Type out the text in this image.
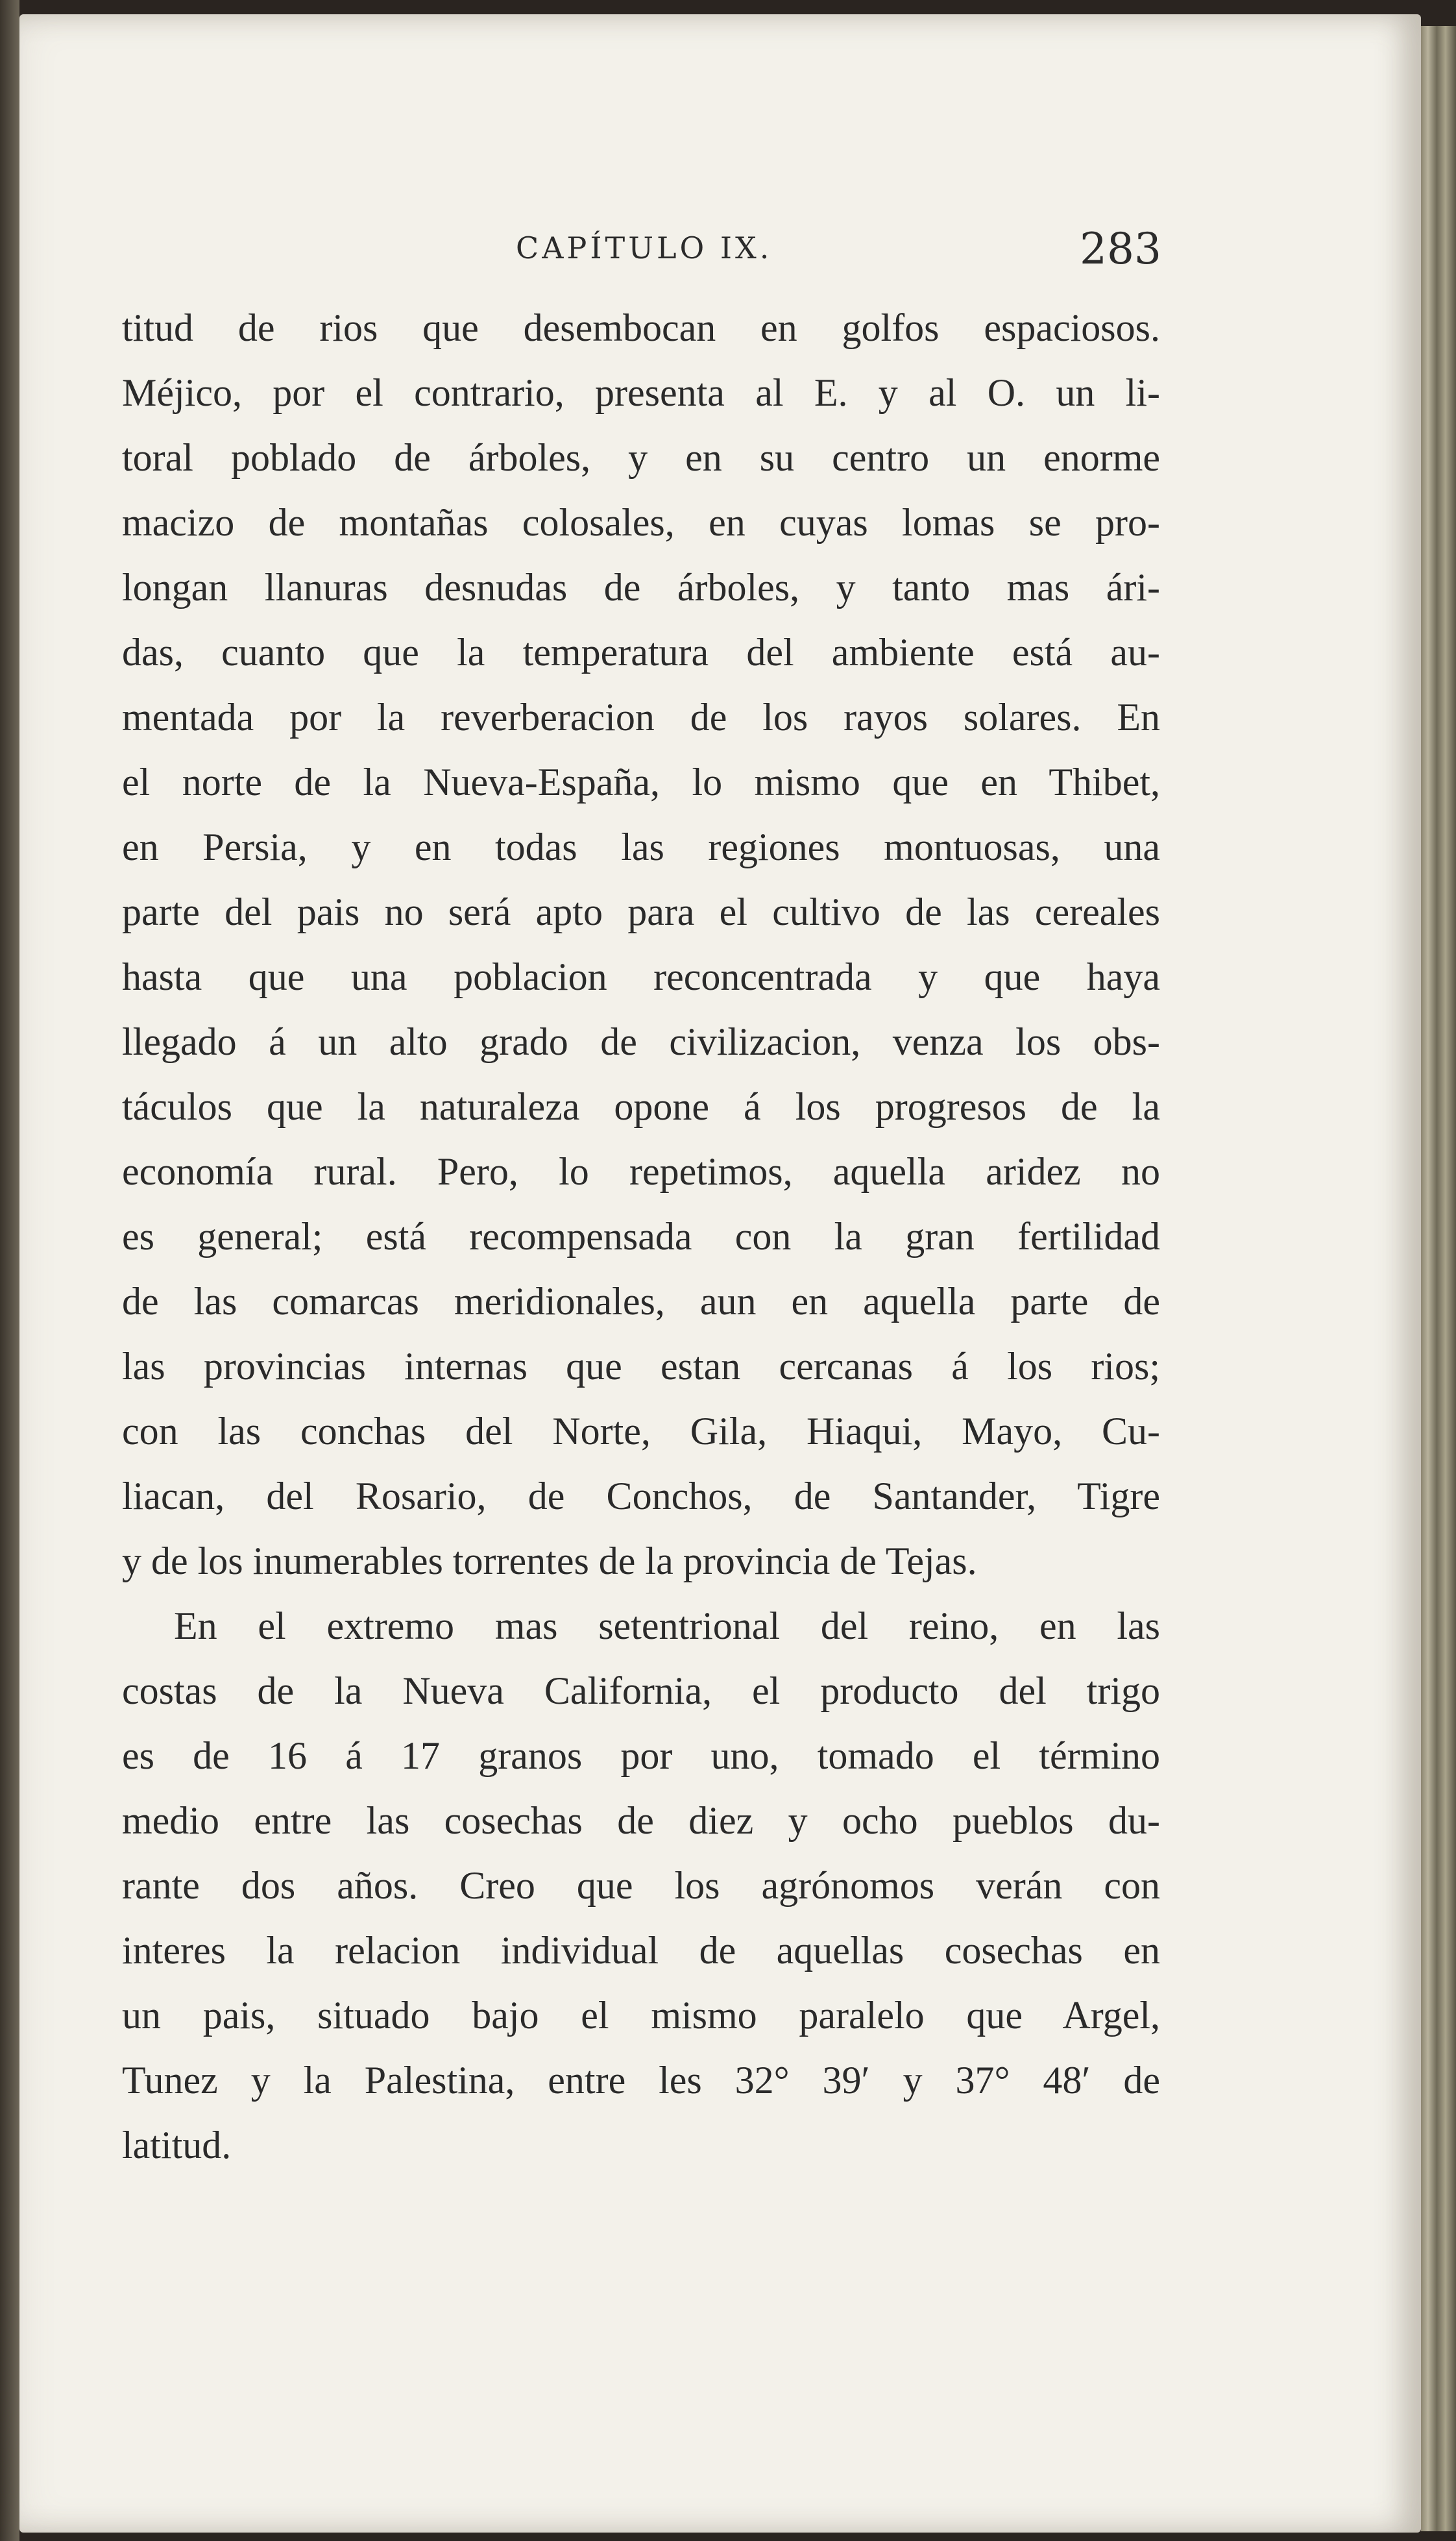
CAPÍTULO IX.	283
titud de rios que desembocan en golfos espaciosos.
Méjico, por el contrario, presenta al E. y al O. un li-
toral poblado de árboles, y en su centro un enorme
macizo de montañas colosales, en cuyas lomas se pro-
longan llanuras desnudas de árboles, y tanto mas ári-
das, cuanto que la temperatura del ambiente está au-
mentada por la reverberacion de los rayos solares. En
el norte de la Nueva-España, lo mismo que en Thibet,
en Persia, y en todas las regiones montuosas, una
parte del pais no será apto para el cultivo de las cereales
hasta que una poblacion reconcentrada y que haya
llegado á un alto grado de civilizacion, venza los obs-
táculos que la naturaleza opone á los progresos de la
economía rural. Pero, lo repetimos, aquella aridez no
es general; está recompensada con la gran fertilidad
de las comarcas meridionales, aun en aquella parte de
las provincias internas que estan cercanas á los rios;
con las conchas del Norte, Gila, Hiaqui, Mayo, Cu-
liacan, del Rosario, de Conchos, de Santander, Tigre
y de los inumerables torrentes de la provincia de Tejas.
En el extremo mas setentrional del reino, en las
costas de la Nueva California, el producto del trigo
es de 16 á 17 granos por uno, tomado el término
medio entre las cosechas de diez y ocho pueblos du-
rante dos años. Creo que los agrónomos verán con
interes la relacion individual de aquellas cosechas en
un pais, situado bajo el mismo paralelo que Argel,
Tunez y la Palestina, entre les 32° 39′ y 37° 48′ de
latitud.
